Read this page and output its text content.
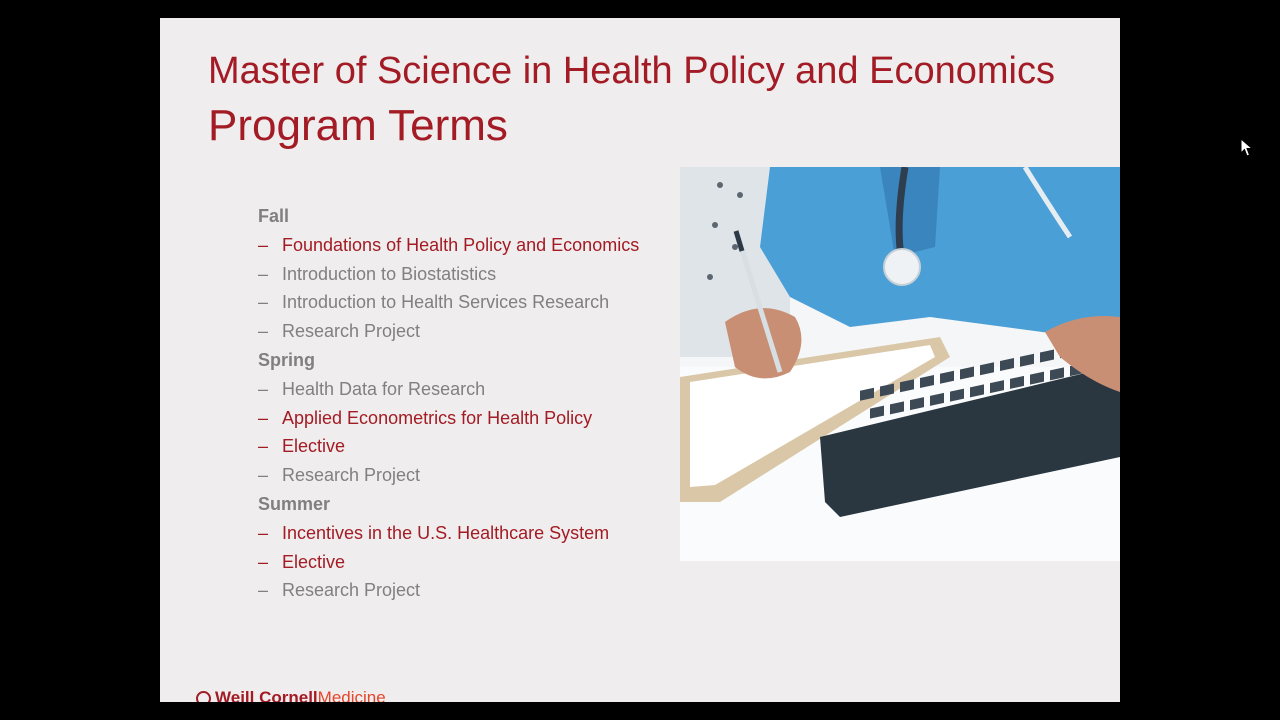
Master of Science in Health Policy and Economics
Program Terms
Fall
– Foundations of Health Policy and Economics
– Introduction to Biostatistics
– Introduction to Health Services Research
– Research Project
Spring
– Health Data for Research
– Applied Econometrics for Health Policy
– Elective
– Research Project
Summer
– Incentives in the U.S. Healthcare System
– Elective
– Research Project
Weill CornellMedicine
